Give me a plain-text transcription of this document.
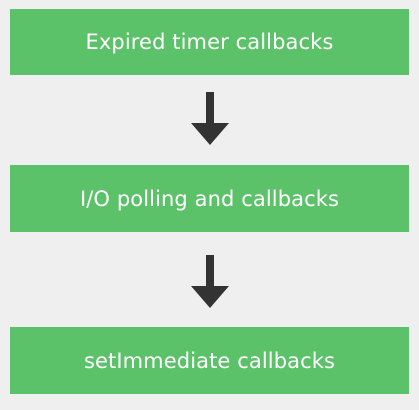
Expired timer callbacks
I/O polling and callbacks
setImmediate callbacks
